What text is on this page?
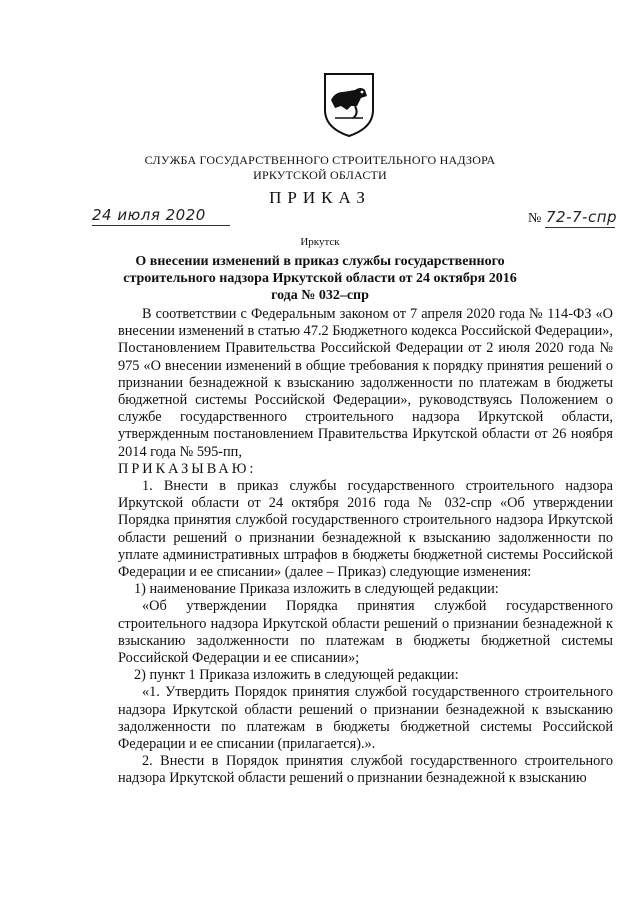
СЛУЖБА ГОСУДАРСТВЕННОГО СТРОИТЕЛЬНОГО НАДЗОРА
ИРКУТСКОЙ ОБЛАСТИ
ПРИКАЗ
24 июля 2020	№ 72-7-спр
Иркутск
О внесении изменений в приказ службы государственного строительного надзора Иркутской области от 24 октября 2016 года № 032–спр

В соответствии с Федеральным законом от 7 апреля 2020 года № 114-ФЗ «О внесении изменений в статью 47.2 Бюджетного кодекса Российской Федерации», Постановлением Правительства Российской Федерации от 2 июля 2020 года № 975 «О внесении изменений в общие требования к порядку принятия решений о признании безнадежной к взысканию задолженности по платежам в бюджеты бюджетной системы Российской Федерации», руководствуясь Положением о службе государственного строительного надзора Иркутской области, утвержденным постановлением Правительства Иркутской области от 26 ноября 2014 года № 595-пп,

ПРИКАЗЫВАЮ:

1. Внести в приказ службы государственного строительного надзора Иркутской области от 24 октября 2016 года № 032-спр «Об утверждении Порядка принятия службой государственного строительного надзора Иркутской области решений о признании безнадежной к взысканию задолженности по уплате административных штрафов в бюджеты бюджетной системы Российской Федерации и ее списании» (далее – Приказ) следующие изменения:

1) наименование Приказа изложить в следующей редакции:

«Об утверждении Порядка принятия службой государственного строительного надзора Иркутской области решений о признании безнадежной к взысканию задолженности по платежам в бюджеты бюджетной системы Российской Федерации и ее списании»;

2) пункт 1 Приказа изложить в следующей редакции:

«1. Утвердить Порядок принятия службой государственного строительного надзора Иркутской области решений о признании безнадежной к взысканию задолженности по платежам в бюджеты бюджетной системы Российской Федерации и ее списании (прилагается).».

2. Внести в Порядок принятия службой государственного строительного надзора Иркутской области решений о признании безнадежной к взысканию
